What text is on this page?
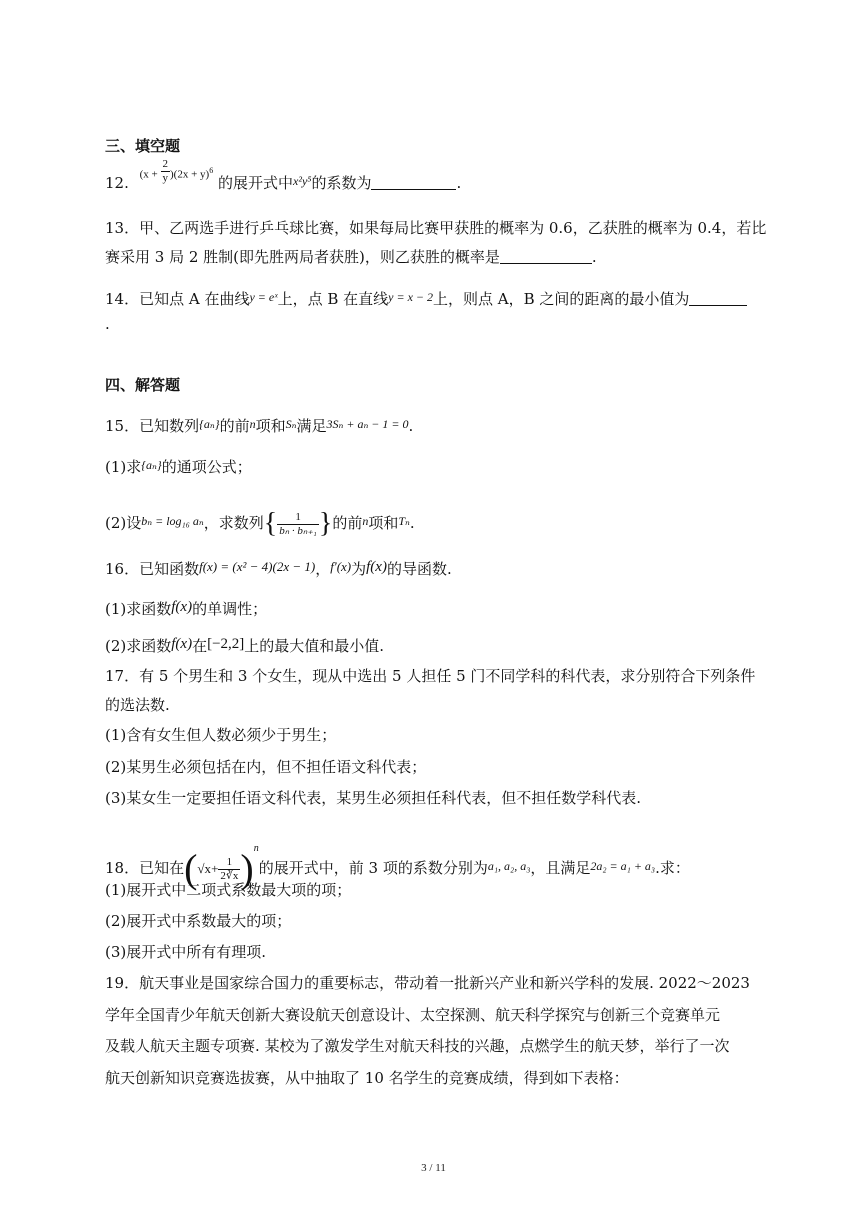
三、填空题
12. $(x + \frac{2}{y} )(2x + y)^6$ 的展开式中$^{x^2y^5}$的系数为	.
13．甲、乙两选手进行乒乓球比赛，如果每局比赛甲获胜的概率为 0.6，乙获胜的概率为 0.4，若比
赛采用 3 局 2 胜制(即先胜两局者获胜)，则乙获胜的概率是	.
14．已知点 A 在曲线$^{y = eˣ}$上，点 B 在直线$^{y = x - 2}$上，则点 A，B 之间的距离的最小值为
.
四、解答题
15．已知数列$^{\{a_n\}}$的前$^n$项和$^{S_n}$满足$^{3S_n + a_n - 1 = 0}$.
(1)求$^{\{a_n\}}$的通项公式；
(2)设$^{b_n = log_{16} a_n}$，求数列{ $\frac{1}{\text{bₙ · bₙ₊₁}}$ }的前$^n$项和$^{T_n}$.
16．已知函数f(x) = (x² − 4)(2x − 1)，f′(x)为f(x)的导函数.
(1)求函数f(x)的单调性；
(2)求函数f(x)在[−2,2]上的最大值和最小值.
17．有 5 个男生和 3 个女生，现从中选出 5 人担任 5 门不同学科的科代表，求分别符合下列条件
的选法数.
(1)含有女生但人数必须少于男生；
(2)某男生必须包括在内，但不担任语文科代表；
(3)某女生一定要担任语文科代表，某男生必须担任科代表，但不担任数学科代表.
18．已知在$(√x+ \frac{1}{2∛x} )^n$的展开式中，前 3 项的系数分别为$^{a_1, a_2, a_3}$，且满足$^{2a_2 = a_1 + a_3}$.求：
(1)展开式中二项式系数最大项的项；
(2)展开式中系数最大的项；
(3)展开式中所有有理项.
19．航天事业是国家综合国力的重要标志，带动着一批新兴产业和新兴学科的发展. 2022～2023
学年全国青少年航天创新大赛设航天创意设计、太空探测、航天科学探究与创新三个竞赛单元
及载人航天主题专项赛. 某校为了激发学生对航天科技的兴趣，点燃学生的航天梦，举行了一次
航天创新知识竞赛选拔赛，从中抽取了 10 名学生的竞赛成绩，得到如下表格：
3 / 11
